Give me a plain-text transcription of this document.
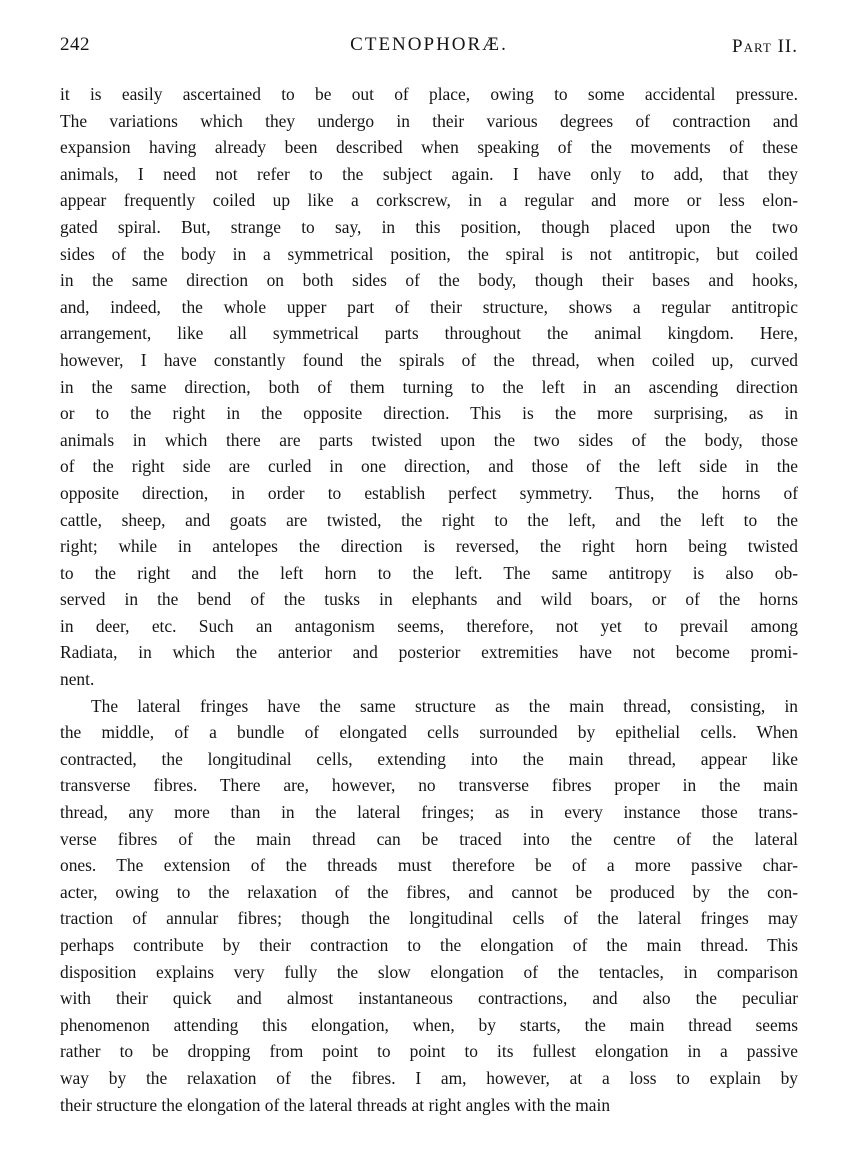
242	CTENOPHORÆ.	Part II.
it is easily ascertained to be out of place, owing to some accidental pressure.
The variations which they undergo in their various degrees of contraction and
expansion having already been described when speaking of the movements of these
animals, I need not refer to the subject again. I have only to add, that they
appear frequently coiled up like a corkscrew, in a regular and more or less elon-
gated spiral. But, strange to say, in this position, though placed upon the two
sides of the body in a symmetrical position, the spiral is not antitropic, but coiled
in the same direction on both sides of the body, though their bases and hooks,
and, indeed, the whole upper part of their structure, shows a regular antitropic
arrangement, like all symmetrical parts throughout the animal kingdom. Here,
however, I have constantly found the spirals of the thread, when coiled up, curved
in the same direction, both of them turning to the left in an ascending direction
or to the right in the opposite direction. This is the more surprising, as in
animals in which there are parts twisted upon the two sides of the body, those
of the right side are curled in one direction, and those of the left side in the
opposite direction, in order to establish perfect symmetry. Thus, the horns of
cattle, sheep, and goats are twisted, the right to the left, and the left to the
right; while in antelopes the direction is reversed, the right horn being twisted
to the right and the left horn to the left. The same antitropy is also ob-
served in the bend of the tusks in elephants and wild boars, or of the horns
in deer, etc. Such an antagonism seems, therefore, not yet to prevail among
Radiata, in which the anterior and posterior extremities have not become promi-
nent.
The lateral fringes have the same structure as the main thread, consisting, in
the middle, of a bundle of elongated cells surrounded by epithelial cells. When
contracted, the longitudinal cells, extending into the main thread, appear like
transverse fibres. There are, however, no transverse fibres proper in the main
thread, any more than in the lateral fringes; as in every instance those trans-
verse fibres of the main thread can be traced into the centre of the lateral
ones. The extension of the threads must therefore be of a more passive char-
acter, owing to the relaxation of the fibres, and cannot be produced by the con-
traction of annular fibres; though the longitudinal cells of the lateral fringes may
perhaps contribute by their contraction to the elongation of the main thread. This
disposition explains very fully the slow elongation of the tentacles, in comparison
with their quick and almost instantaneous contractions, and also the peculiar
phenomenon attending this elongation, when, by starts, the main thread seems
rather to be dropping from point to point to its fullest elongation in a passive
way by the relaxation of the fibres. I am, however, at a loss to explain by
their structure the elongation of the lateral threads at right angles with the main
